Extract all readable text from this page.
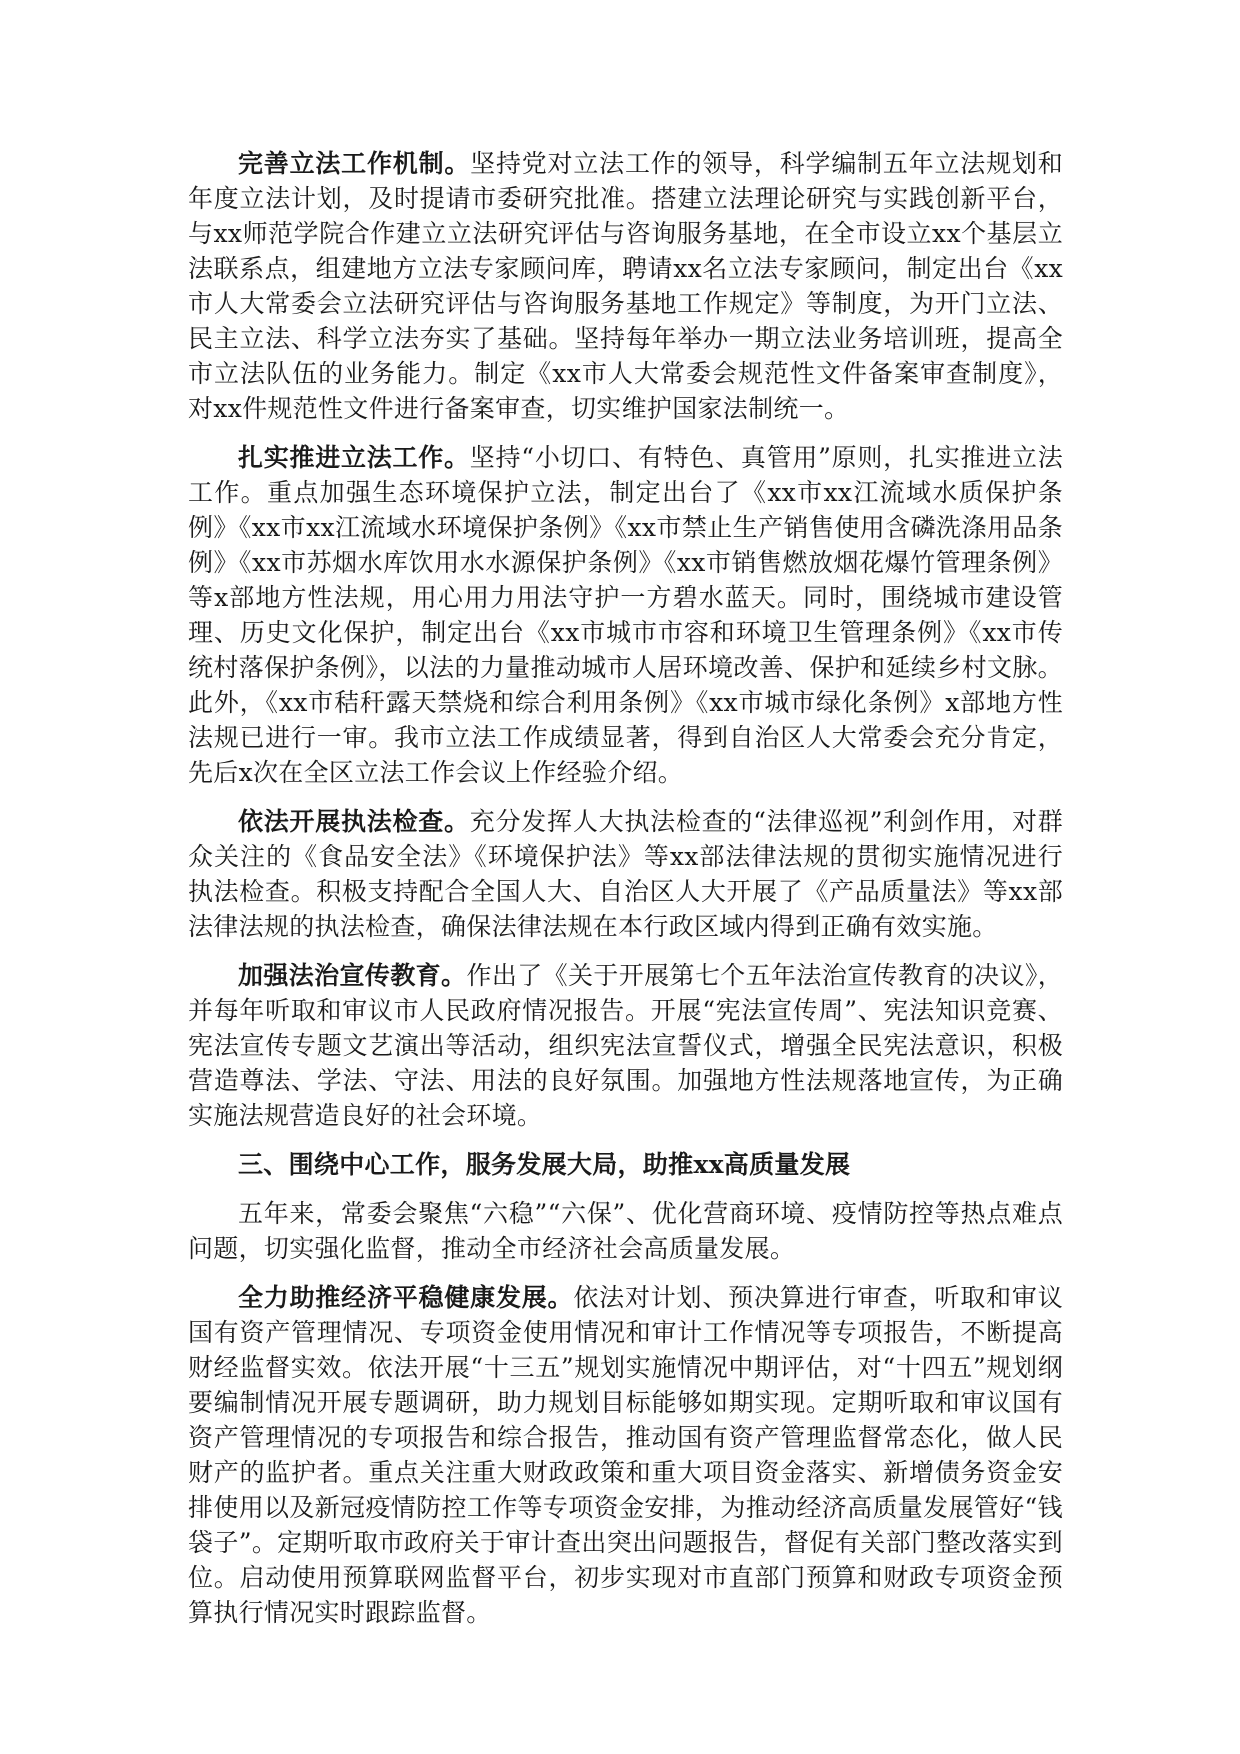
完善立法工作机制。坚持党对立法工作的领导，科学编制五年立法规划和年度立法计划，及时提请市委研究批准。搭建立法理论研究与实践创新平台，与xx师范学院合作建立立法研究评估与咨询服务基地，在全市设立xx个基层立法联系点，组建地方立法专家顾问库，聘请xx名立法专家顾问，制定出台《xx市人大常委会立法研究评估与咨询服务基地工作规定》等制度，为开门立法、民主立法、科学立法夯实了基础。坚持每年举办一期立法业务培训班，提高全市立法队伍的业务能力。制定《xx市人大常委会规范性文件备案审查制度》，对xx件规范性文件进行备案审查，切实维护国家法制统一。

扎实推进立法工作。坚持“小切口、有特色、真管用”原则，扎实推进立法工作。重点加强生态环境保护立法，制定出台了《xx市xx江流域水质保护条例》《xx市xx江流域水环境保护条例》《xx市禁止生产销售使用含磷洗涤用品条例》《xx市苏烟水库饮用水水源保护条例》《xx市销售燃放烟花爆竹管理条例》等x部地方性法规，用心用力用法守护一方碧水蓝天。同时，围绕城市建设管理、历史文化保护，制定出台《xx市城市市容和环境卫生管理条例》《xx市传统村落保护条例》，以法的力量推动城市人居环境改善、保护和延续乡村文脉。此外，《xx市秸秆露天禁烧和综合利用条例》《xx市城市绿化条例》x部地方性法规已进行一审。我市立法工作成绩显著，得到自治区人大常委会充分肯定，先后x次在全区立法工作会议上作经验介绍。

依法开展执法检查。充分发挥人大执法检查的“法律巡视”利剑作用，对群众关注的《食品安全法》《环境保护法》等xx部法律法规的贯彻实施情况进行执法检查。积极支持配合全国人大、自治区人大开展了《产品质量法》等xx部法律法规的执法检查，确保法律法规在本行政区域内得到正确有效实施。

加强法治宣传教育。作出了《关于开展第七个五年法治宣传教育的决议》，并每年听取和审议市人民政府情况报告。开展“宪法宣传周”、宪法知识竞赛、宪法宣传专题文艺演出等活动，组织宪法宣誓仪式，增强全民宪法意识，积极营造尊法、学法、守法、用法的良好氛围。加强地方性法规落地宣传，为正确实施法规营造良好的社会环境。

三、围绕中心工作，服务发展大局，助推xx高质量发展

五年来，常委会聚焦“六稳”“六保”、优化营商环境、疫情防控等热点难点问题，切实强化监督，推动全市经济社会高质量发展。

全力助推经济平稳健康发展。依法对计划、预决算进行审查，听取和审议国有资产管理情况、专项资金使用情况和审计工作情况等专项报告，不断提高财经监督实效。依法开展“十三五”规划实施情况中期评估，对“十四五”规划纲要编制情况开展专题调研，助力规划目标能够如期实现。定期听取和审议国有资产管理情况的专项报告和综合报告，推动国有资产管理监督常态化，做人民财产的监护者。重点关注重大财政政策和重大项目资金落实、新增债务资金安排使用以及新冠疫情防控工作等专项资金安排，为推动经济高质量发展管好“钱袋子”。定期听取市政府关于审计查出突出问题报告，督促有关部门整改落实到位。启动使用预算联网监督平台，初步实现对市直部门预算和财政专项资金预算执行情况实时跟踪监督。
